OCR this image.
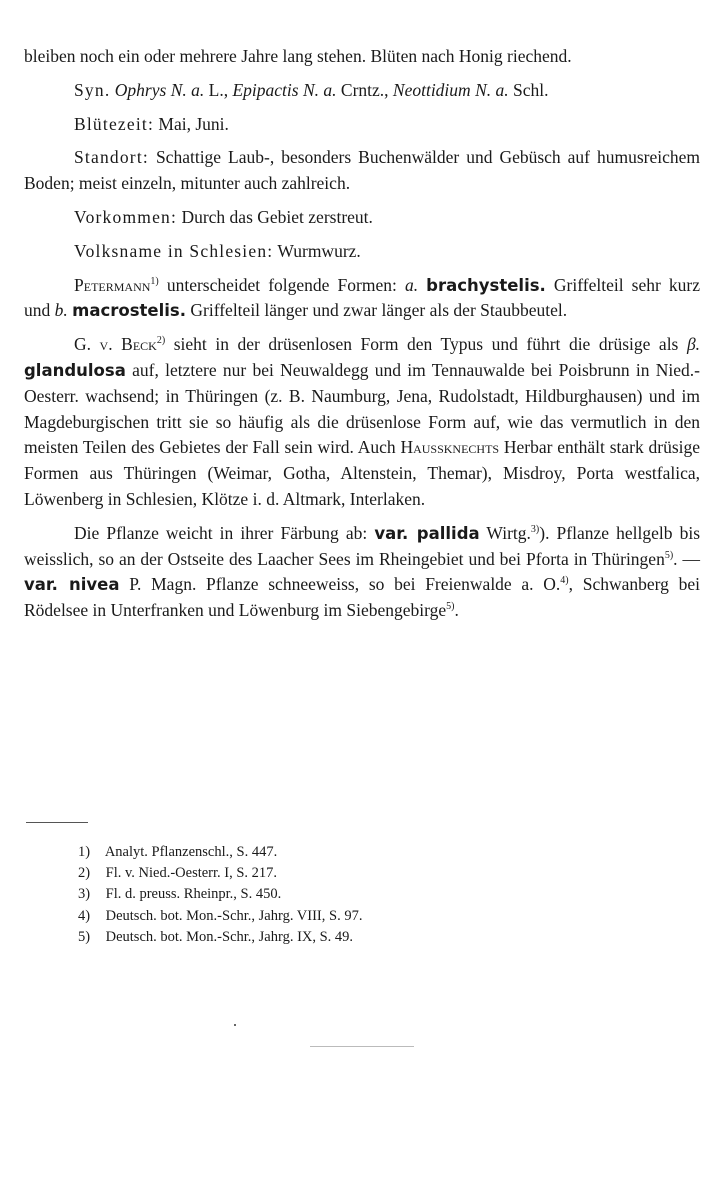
bleiben noch ein oder mehrere Jahre lang stehen. Blüten nach Honig riechend.

Syn. Ophrys N. a. L., Epipactis N. a. Crntz., Neottidium N. a. Schl.

Blütezeit: Mai, Juni.

Standort: Schattige Laub-, besonders Buchenwälder und Gebüsch auf humusreichem Boden; meist einzeln, mitunter auch zahlreich.

Vorkommen: Durch das Gebiet zerstreut.

Volksname in Schlesien: Wurmwurz.

Petermann$^{1)}$ unterscheidet folgende Formen: a. brachystelis. Griffelteil sehr kurz und b. macrostelis. Griffelteil länger und zwar länger als der Staubbeutel.

G. v. Beck$^{2)}$ sieht in der drüsenlosen Form den Typus und führt die drüsige als β. glandulosa auf, letztere nur bei Neuwaldegg und im Tennauwalde bei Poisbrunn in Nied.-Oesterr. wachsend; in Thüringen (z. B. Naumburg, Jena, Rudolstadt, Hildburghausen) und im Magdeburgischen tritt sie so häufig als die drüsenlose Form auf, wie das vermutlich in den meisten Teilen des Gebietes der Fall sein wird. Auch Haussknechts Herbar enthält stark drüsige Formen aus Thüringen (Weimar, Gotha, Altenstein, Themar), Misdroy, Porta westfalica, Löwenberg in Schlesien, Klötze i. d. Altmark, Interlaken.

Die Pflanze weicht in ihrer Färbung ab: var. pallida Wirtg.$^{3)}$). Pflanze hellgelb bis weisslich, so an der Ostseite des Laacher Sees im Rheingebiet und bei Pforta in Thüringen$^{5)}$. — var. nivea P. Magn. Pflanze schneeweiss, so bei Freienwalde a. O.$^{4)}$, Schwanberg bei Rödelsee in Unterfranken und Löwenburg im Siebengebirge$^{5)}$.

1) Analyt. Pflanzenschl., S. 447.
2) Fl. v. Nied.-Oesterr. I, S. 217.
3) Fl. d. preuss. Rheinpr., S. 450.
4) Deutsch. bot. Mon.-Schr., Jahrg. VIII, S. 97.
5) Deutsch. bot. Mon.-Schr., Jahrg. IX, S. 49.
